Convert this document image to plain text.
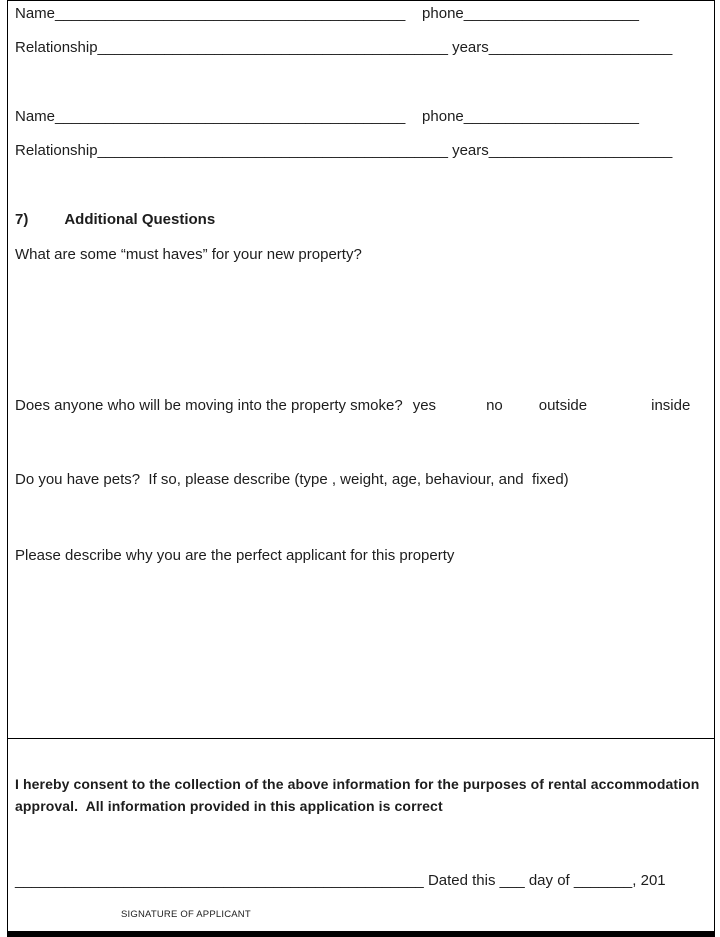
Name__________________________________________    phone_____________________
Relationship__________________________________________ years______________________
Name__________________________________________    phone_____________________
Relationship__________________________________________ years______________________
7) Additional Questions
What are some “must haves” for your new property?
Does anyone who will be moving into the property smoke? yes	no outside	inside
Do you have pets?  If so, please describe (type , weight, age, behaviour, and  fixed)
Please describe why you are the perfect applicant for this property
I hereby consent to the collection of the above information for the purposes of rental accommodation
approval.  All information provided in this application is correct
_________________________________________________ Dated this ___ day of _______, 201
SIGNATURE OF APPLICANT
